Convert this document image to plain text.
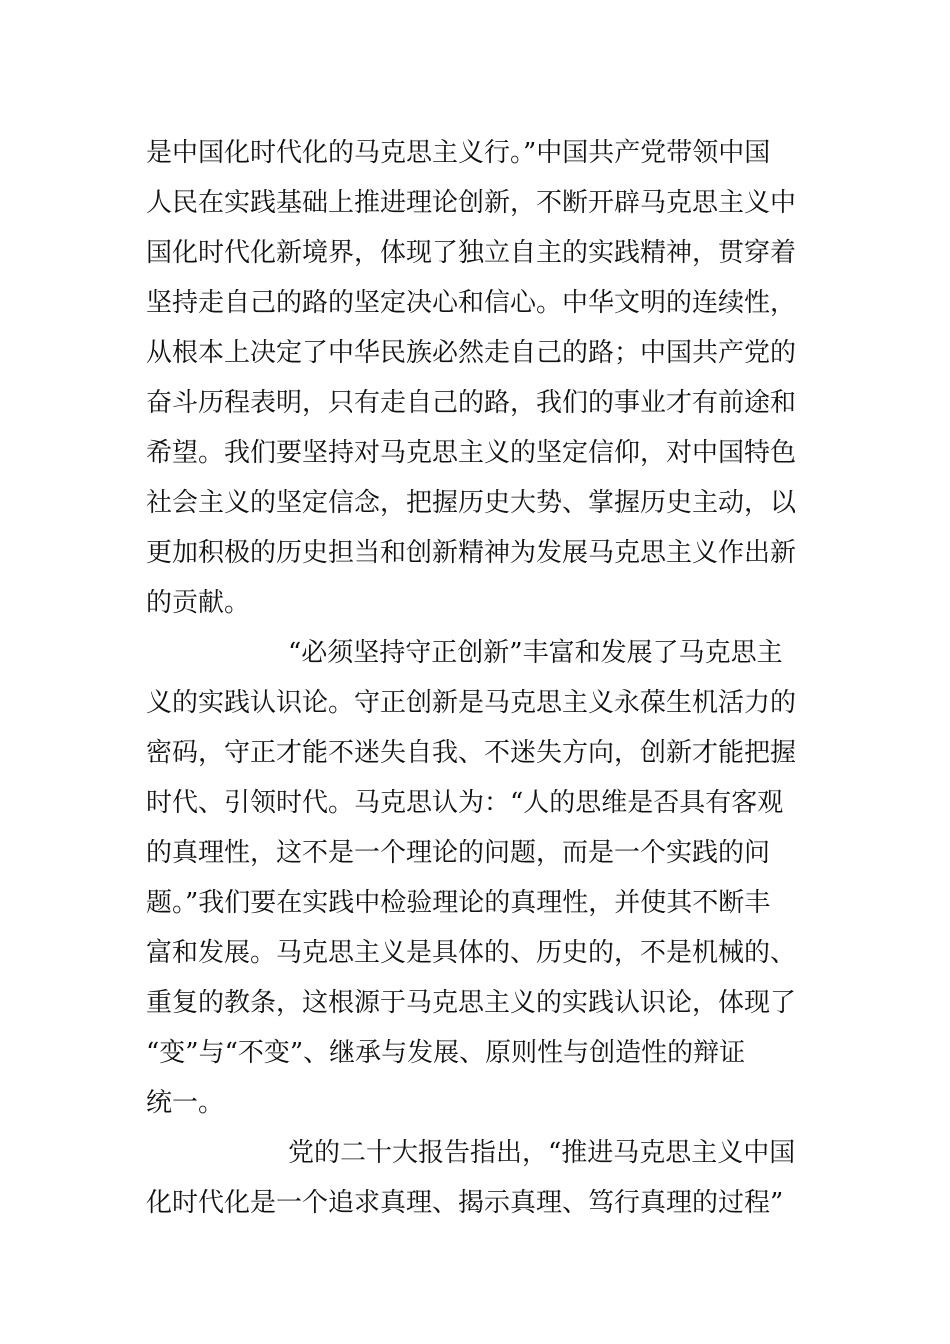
是中国化时代化的马克思主义行。”中国共产党带领中国
人民在实践基础上推进理论创新，不断开辟马克思主义中
国化时代化新境界，体现了独立自主的实践精神，贯穿着
坚持走自己的路的坚定决心和信心。中华文明的连续性，
从根本上决定了中华民族必然走自己的路；中国共产党的
奋斗历程表明，只有走自己的路，我们的事业才有前途和
希望。我们要坚持对马克思主义的坚定信仰，对中国特色
社会主义的坚定信念，把握历史大势、掌握历史主动，以
更加积极的历史担当和创新精神为发展马克思主义作出新
的贡献。
“必须坚持守正创新”丰富和发展了马克思主
义的实践认识论。守正创新是马克思主义永葆生机活力的
密码，守正才能不迷失自我、不迷失方向，创新才能把握
时代、引领时代。马克思认为：“人的思维是否具有客观
的真理性，这不是一个理论的问题，而是一个实践的问
题。”我们要在实践中检验理论的真理性，并使其不断丰
富和发展。马克思主义是具体的、历史的，不是机械的、
重复的教条，这根源于马克思主义的实践认识论，体现了
“变”与“不变”、继承与发展、原则性与创造性的辩证
统一。
党的二十大报告指出，“推进马克思主义中国
化时代化是一个追求真理、揭示真理、笃行真理的过程”
